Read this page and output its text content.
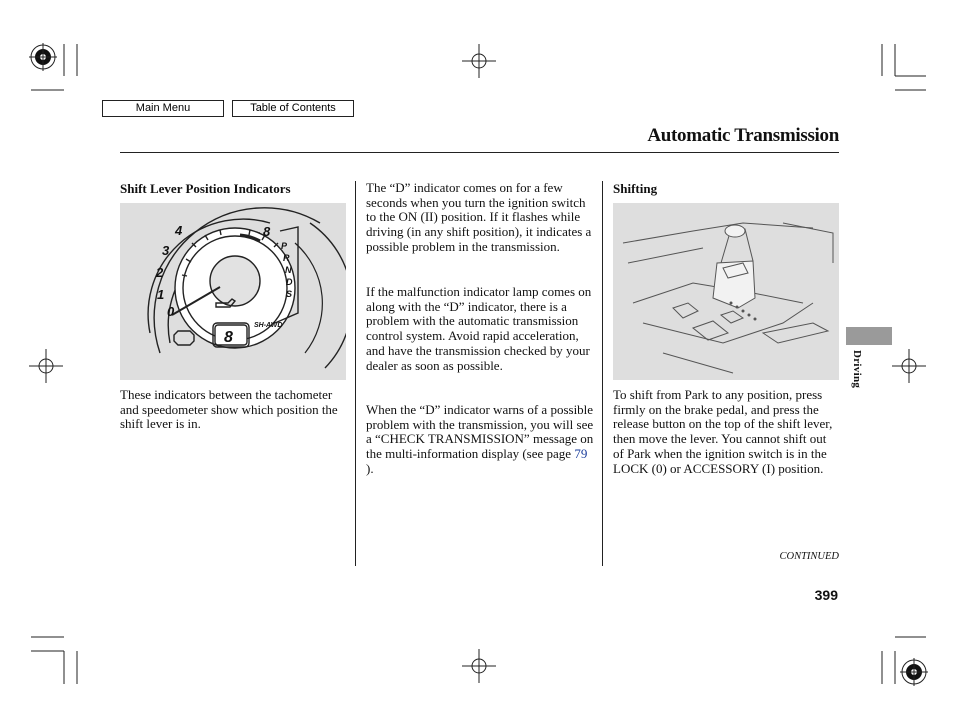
Main Menu	Table of Contents
Automatic Transmission
Shift Lever Position Indicators
0
1
2
3
4	8
P
R
N
D
S
8
SH-AWD
These indicators between the tachometer and speedometer show which position the shift lever is in.
The “D” indicator comes on for a few seconds when you turn the ignition switch to the ON (II) position. If it flashes while driving (in any shift position), it indicates a possible problem in the transmission.
If the malfunction indicator lamp comes on along with the “D” indicator, there is a problem with the automatic transmission control system. Avoid rapid acceleration, and have the transmission checked by your dealer as soon as possible.
When the “D” indicator warns of a possible problem with the transmission, you will see a “CHECK TRANSMISSION” message on the multi-information display (see page 79 ).
Shifting
To shift from Park to any position, press firmly on the brake pedal, and press the release button on the top of the shift lever, then move the lever. You cannot shift out of Park when the ignition switch is in the LOCK (0) or ACCESSORY (I) position.
Driving
CONTINUED
399
